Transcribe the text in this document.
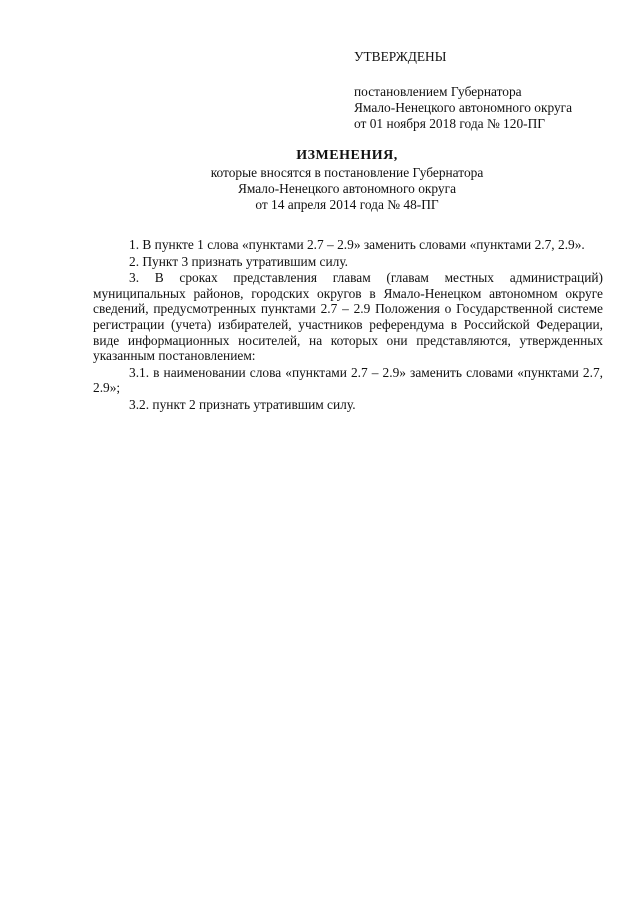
УТВЕРЖДЕНЫ
постановлением Губернатора
Ямало-Ненецкого автономного округа
от 01 ноября 2018 года № 120-ПГ
ИЗМЕНЕНИЯ,
которые вносятся в постановление Губернатора
Ямало-Ненецкого автономного округа
от 14 апреля 2014 года № 48-ПГ

1. В пункте 1 слова «пунктами 2.7 – 2.9» заменить словами «пунктами 2.7, 2.9».

2. Пункт 3 признать утратившим силу.

3. В сроках представления главам (главам местных администраций) муниципальных районов, городских округов в Ямало-Ненецком автономном округе сведений, предусмотренных пунктами 2.7 – 2.9 Положения о Государственной системе регистрации (учета) избирателей, участников референдума в Российской Федерации, виде информационных носителей, на которых они представляются, утвержденных указанным постановлением:

3.1. в наименовании слова «пунктами 2.7 – 2.9» заменить словами «пунктами 2.7, 2.9»;

3.2. пункт 2 признать утратившим силу.
